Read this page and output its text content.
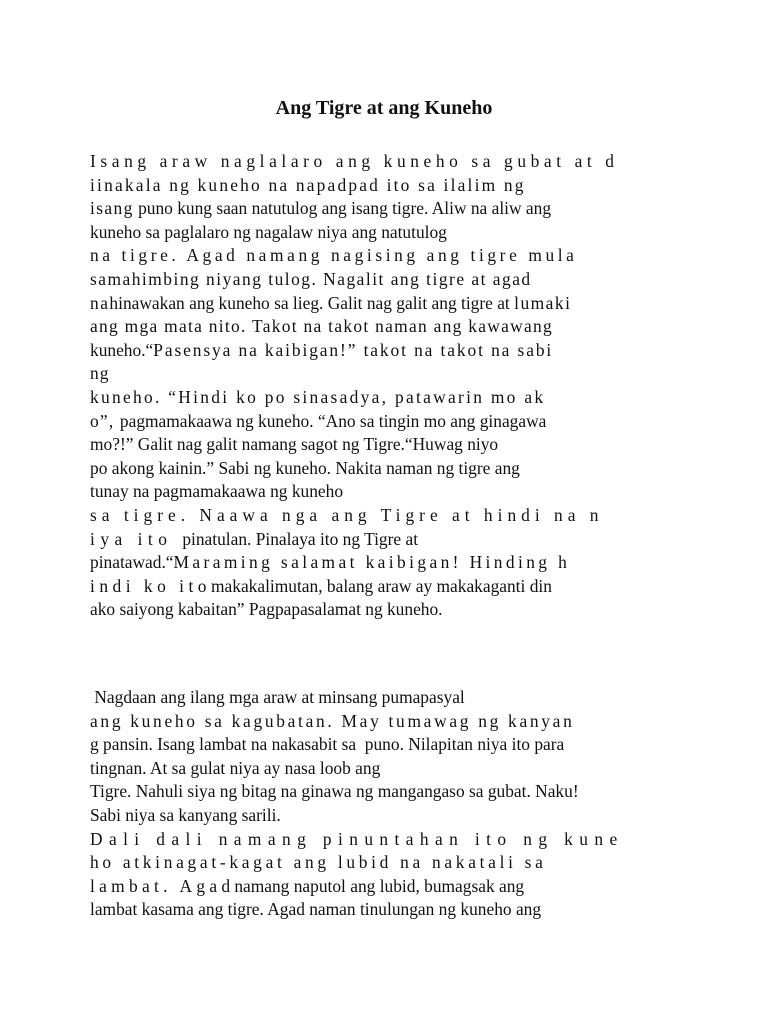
Ang Tigre at ang Kuneho
Isang araw naglalaro ang kuneho sa gubat at d
iinakala ng kuneho na napadpad ito sa ilalim ng
isang puno kung saan natutulog ang isang tigre. Aliw na aliw ang
kuneho sa paglalaro ng nagalaw niya ang natutulog
na tigre. Agad namang nagising ang tigre mula
samahimbing niyang tulog. Nagalit ang tigre at agad
nahinawakan ang kuneho sa lieg. Galit nag galit ang tigre at lumaki
ang mga mata nito. Takot na takot naman ang kawawang
kuneho.“Pasensya na kaibigan!” takot na takot na sabi
ng
kuneho. “Hindi ko po sinasadya, patawarin mo ak
o”, pagmamakaawa ng kuneho. “Ano sa tingin mo ang ginagawa
mo?!” Galit nag galit namang sagot ng Tigre.“Huwag niyo
po akong kainin.” Sabi ng kuneho. Nakita naman ng tigre ang
tunay na pagmamakaawa ng kuneho
sa tigre. Naawa nga ang Tigre at hindi na n
iya ito pinatulan. Pinalaya ito ng Tigre at
pinatawad.“Maraming salamat kaibigan! Hinding h
indi ko itomakakalimutan, balang araw ay makakaganti din
ako saiyong kabaitan” Pagpapasalamat ng kuneho.
Nagdaan ang ilang mga araw at minsang pumapasyal
ang kuneho sa kagubatan. May tumawag ng kanyan
g pansin. Isang lambat na nakasabit sa  puno. Nilapitan niya ito para
tingnan. At sa gulat niya ay nasa loob ang
Tigre. Nahuli siya ng bitag na ginawa ng mangangaso sa gubat. Naku!
Sabi niya sa kanyang sarili.
Dali dali namang pinuntahan ito ng kune
ho atkinagat-kagat ang lubid na nakatali sa
lambat. Agadnamang naputol ang lubid, bumagsak ang
lambat kasama ang tigre. Agad naman tinulungan ng kuneho ang
